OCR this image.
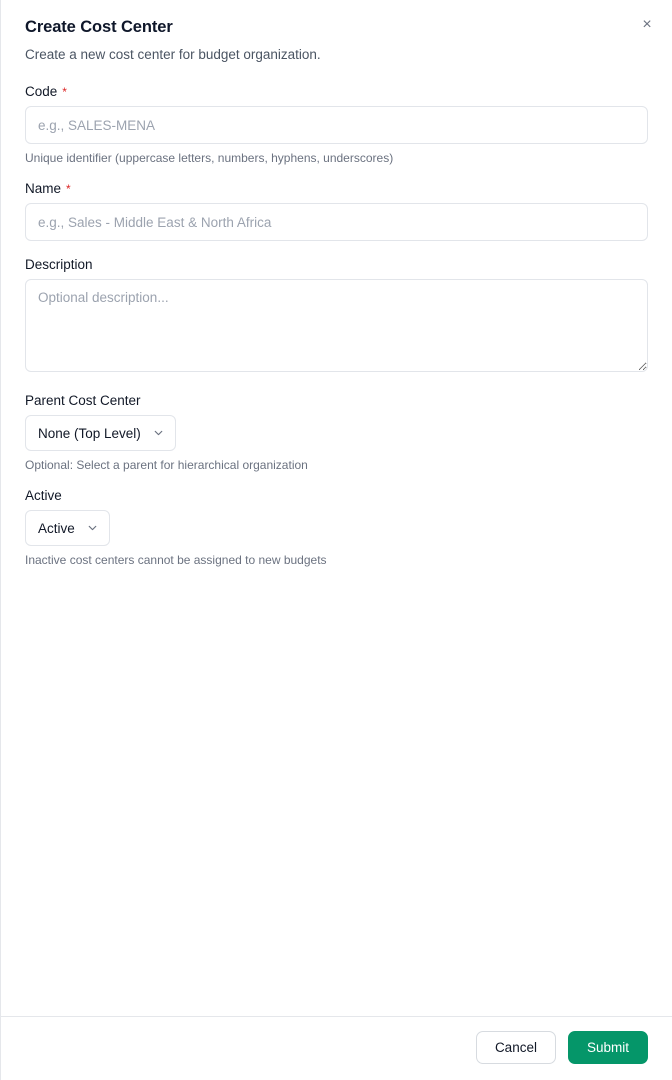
×
Create Cost Center

Create a new cost center for budget organization.

Code *
e.g., SALES-MENA
Unique identifier (uppercase letters, numbers, hyphens, underscores)
Name *
e.g., Sales - Middle East & North Africa
Description
Optional description...
Parent Cost Center
None (Top Level)
Optional: Select a parent for hierarchical organization
Active
Active
Inactive cost centers cannot be assigned to new budgets
Cancel	Submit
